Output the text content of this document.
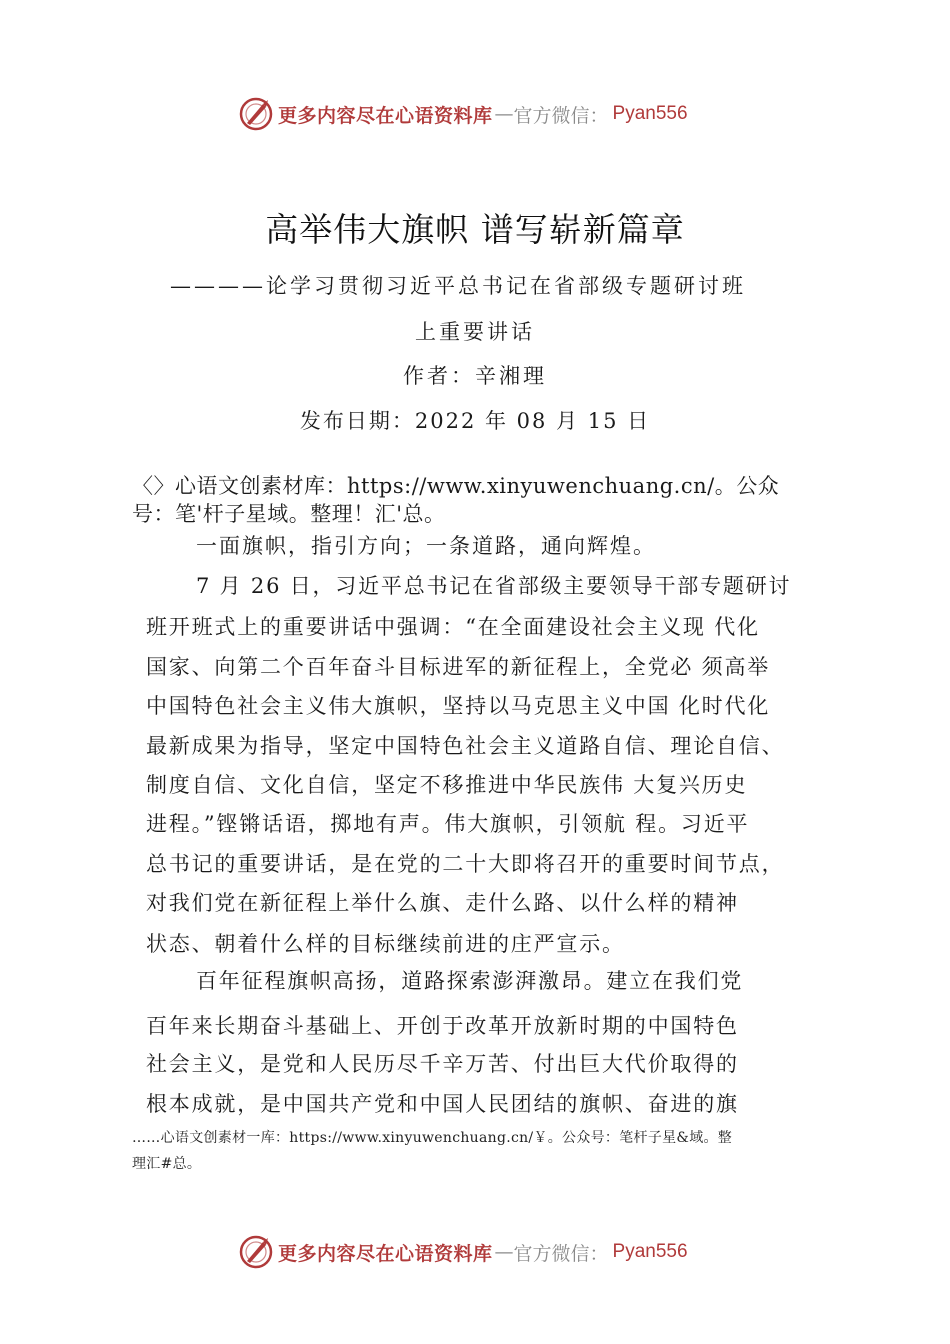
更多内容尽在心语资料库 — 官方微信： Pyan556
高举伟大旗帜 谱写崭新篇章
————论学习贯彻习近平总书记在省部级专题研讨班
上重要讲话
作者：辛湘理
发布日期：2022 年 08 月 15 日
〈〉心语文创素材库：https://www.xinyuwenchuang.cn/。公众
号：笔'杆子星域。整理！汇'总。
一面旗帜，指引方向；一条道路，通向辉煌。
7 月 26 日，习近平总书记在省部级主要领导干部专题研讨
班开班式上的重要讲话中强调：“在全面建设社会主义现 代化
国家、向第二个百年奋斗目标进军的新征程上，全党必 须高举
中国特色社会主义伟大旗帜，坚持以马克思主义中国 化时代化
最新成果为指导，坚定中国特色社会主义道路自信、理论自信、
制度自信、文化自信，坚定不移推进中华民族伟 大复兴历史
进程。”铿锵话语，掷地有声。伟大旗帜，引领航 程。习近平
总书记的重要讲话，是在党的二十大即将召开的重要时间节点，
对我们党在新征程上举什么旗、走什么路、以什么样的精神
状态、朝着什么样的目标继续前进的庄严宣示。
百年征程旗帜高扬，道路探索澎湃激昂。建立在我们党
百年来长期奋斗基础上、开创于改革开放新时期的中国特色
社会主义，是党和人民历尽千辛万苦、付出巨大代价取得的
根本成就，是中国共产党和中国人民团结的旗帜、奋进的旗
……心语文创素材一库：https://www.xinyuwenchuang.cn/￥。公众号：笔杆子星&域。整
理汇#总。
更多内容尽在心语资料库 — 官方微信： Pyan556
